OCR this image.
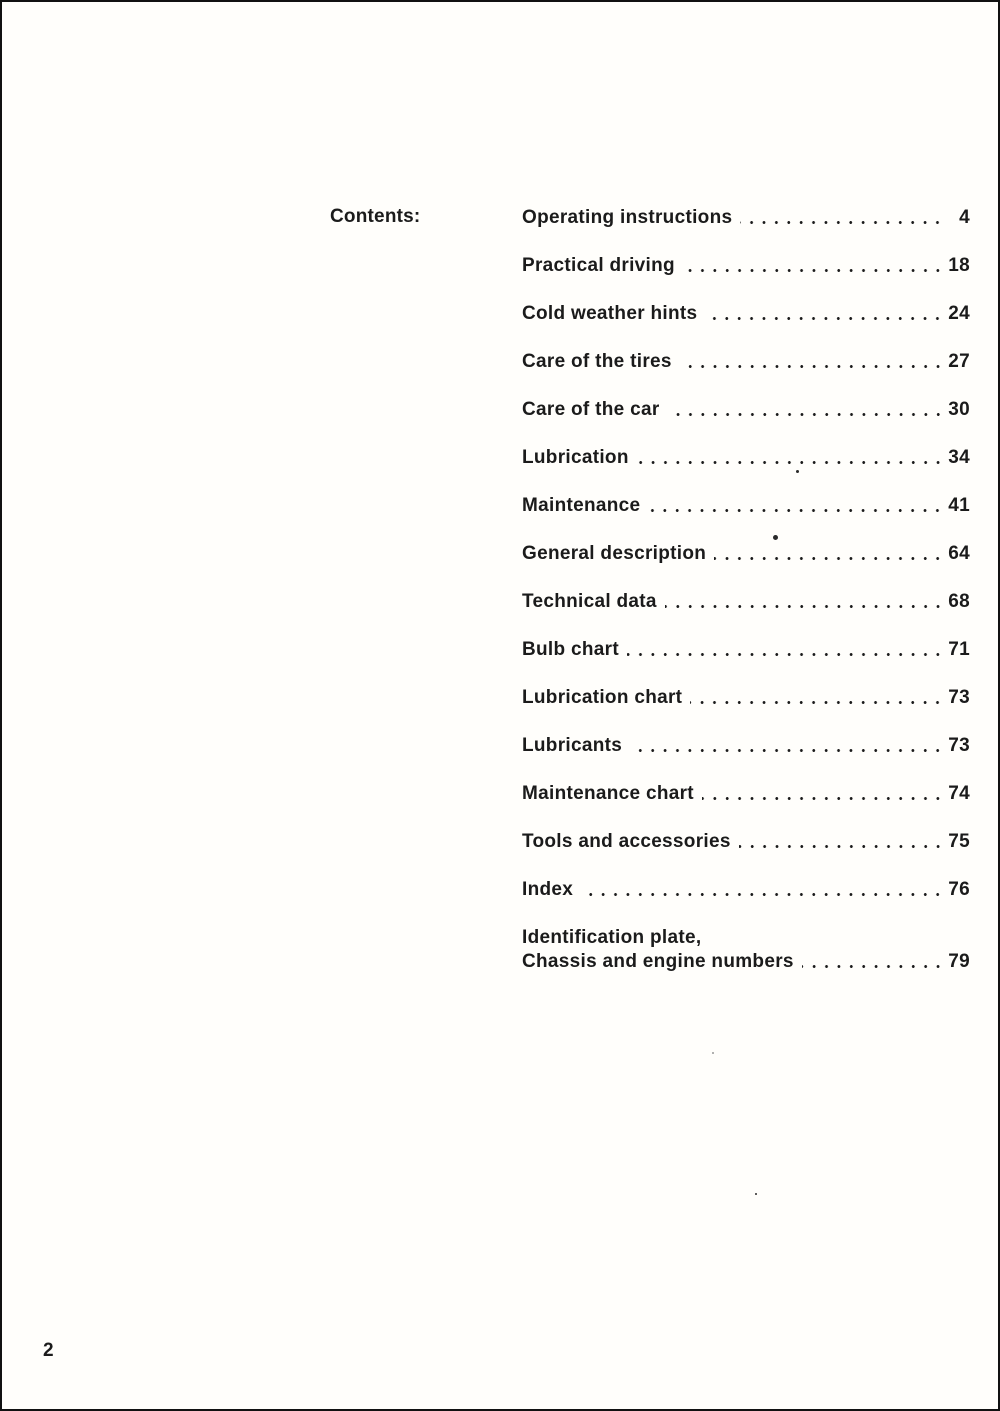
Contents:	Operating instructions	4
Practical driving	18
Cold weather hints	24
Care of the tires	27
Care of the car	30
Lubrication	34
Maintenance	41
General description	64
Technical data	68
Bulb chart	71
Lubrication chart	73
Lubricants	73
Maintenance chart	74
Tools and accessories	75
Index	76
Identification plate,
Chassis and engine numbers	79
2
